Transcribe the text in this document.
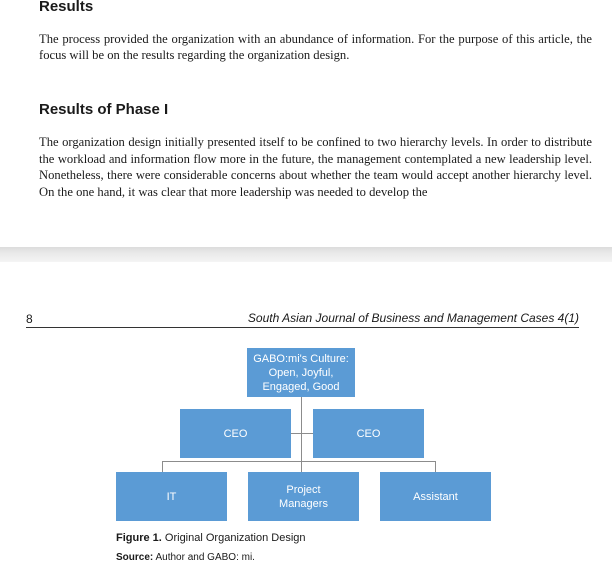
Results

The process provided the organization with an abundance of information. For the purpose of this article, the focus will be on the results regarding the organization design.

Results of Phase I

The organization design initially presented itself to be confined to two hierarchy levels. In order to distribute the workload and information flow more in the future, the management contemplated a new leadership level. Nonetheless, there were considerable concerns about whether the team would accept another hierarchy level. On the one hand, it was clear that more leadership was needed to develop the

8	South Asian Journal of Business and Management Cases 4(1)
GABO:mi's Culture:
Open, Joyful,
Engaged, Good
CEO	CEO
IT
Project
Managers
Assistant
Figure 1. Original Organization Design
Source: Author and GABO: mi.
